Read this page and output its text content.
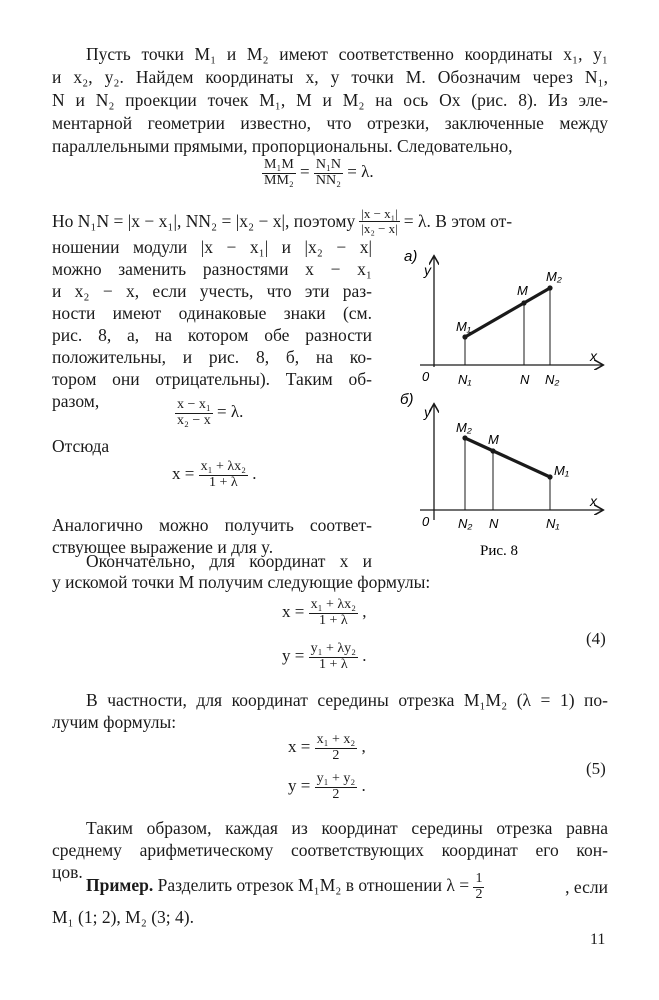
Пусть точки M₁ и M₂ имеют соответственно координаты x₁, y₁
и x₂, y₂. Найдем координаты x, y точки M. Обозначим через N₁,
N и N₂ проекции точек M₁, M и M₂ на ось Ox (рис. 8). Из эле-
ментарной геометрии известно, что отрезки, заключенные между
параллельными прямыми, пропорциональны. Следовательно,
$\frac{\text{M₁M}}{\text{MM₂}} = \frac{\text{N₁N}}{\text{NN₂}} = \lambda$.
Но N₁N = |x − x₁|, NN₂ = |x₂ − x|, поэтому $\frac{\text{|x − x₁|}}{\text{|x₂ − x|}} = \lambda$. В этом от-
ношении модули |x − x₁| и |x₂ − x|
можно заменить разностями x − x₁
и x₂ − x, если учесть, что эти раз-
ности имеют одинаковые знаки (см.
рис. 8, а, на котором обе разности
положительны, и рис. 8, б, на ко-
тором они отрицательны). Таким об-
разом,	$\frac{\text{x − x₁}}{\text{x₂ − x}} = \lambda$.
Отсюда
$x = \frac{\text{x₁ + λx₂}}{1 + \lambda}$ .
Аналогично можно получить соответ-
ствующее выражение и для y.
Окончательно, для координат x и
y искомой точки M получим следующие формулы:
$x = \frac{\text{x₁ + λx₂}}{1 + \lambda}$ ,
$y = \frac{\text{y₁ + λy₂}}{1 + \lambda}$ .
(4)
В частности, для координат середины отрезка M₁M₂ (λ = 1) по-
лучим формулы:
$x = \frac{\text{x₁ + x₂}}{2}$ ,
$y = \frac{\text{y₁ + y₂}}{2}$ .
(5)
Таким образом, каждая из координат середины отрезка равна
среднему арифметическому соответствующих координат его кон-
цов.
Пример. Разделить отрезок M₁M₂ в отношении $\lambda = \frac{1}{2}$	, если
M₁ (1; 2), M₂ (3; 4).
11
а)
y
x
0
M₁
M
M₂
N₁	N N₂
б)
y
x
0
M₂
M
M₁
N₂ N	N₁
Рис. 8
